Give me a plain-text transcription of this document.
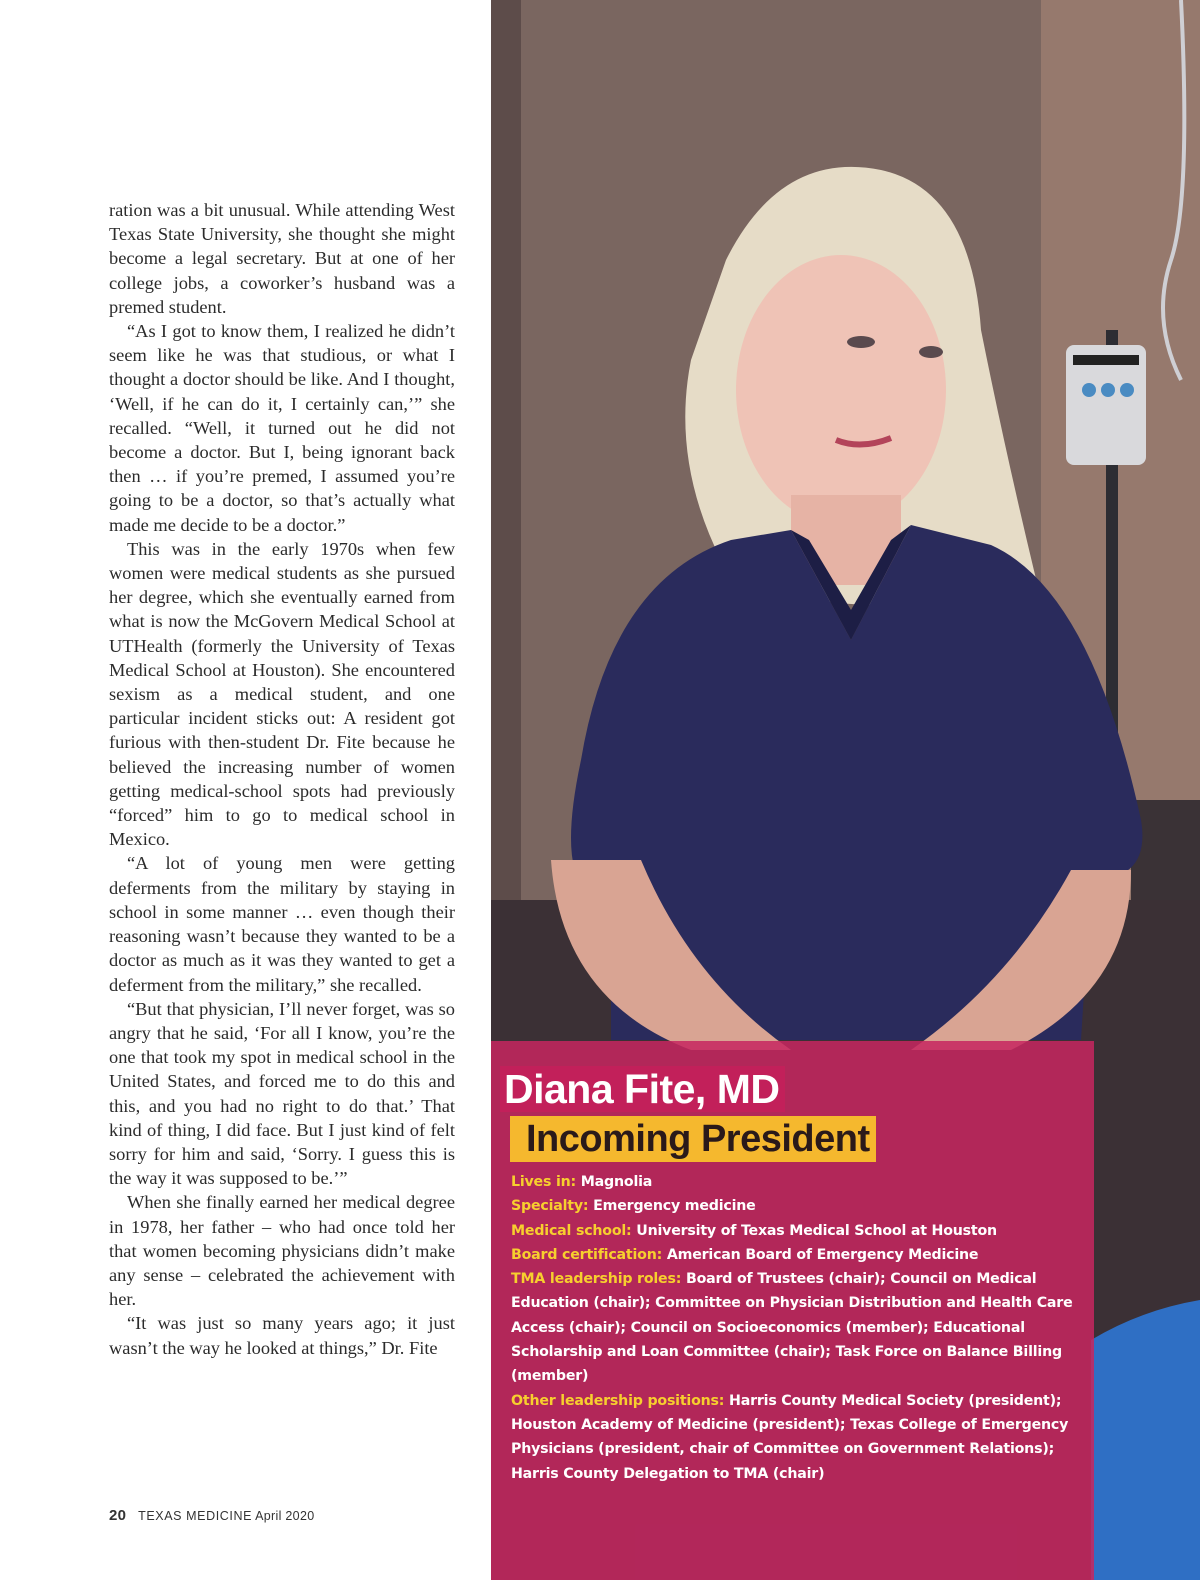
ration was a bit unusual. While attending West Texas State University, she thought she might become a legal secretary. But at one of her college jobs, a coworker’s husband was a premed student.

“As I got to know them, I realized he didn’t seem like he was that studious, or what I thought a doctor should be like. And I thought, ‘Well, if he can do it, I certainly can,’” she recalled. “Well, it turned out he did not become a doctor. But I, being ignorant back then … if you’re premed, I assumed you’re going to be a doctor, so that’s actually what made me decide to be a doctor.”

This was in the early 1970s when few women were medical students as she pursued her degree, which she eventually earned from what is now the McGovern Medical School at UTHealth (formerly the University of Texas Medical School at Houston). She encountered sexism as a medical student, and one particular incident sticks out: A resident got furious with then-student Dr. Fite because he believed the increasing number of women getting medical-school spots had previously “forced” him to go to medical school in Mexico.

“A lot of young men were getting deferments from the military by staying in school in some manner … even though their reasoning wasn’t because they wanted to be a doctor as much as it was they wanted to get a deferment from the military,” she recalled.

“But that physician, I’ll never forget, was so angry that he said, ‘For all I know, you’re the one that took my spot in medical school in the United States, and forced me to do this and this, and you had no right to do that.’ That kind of thing, I did face. But I just kind of felt sorry for him and said, ‘Sorry. I guess this is the way it was supposed to be.’”

When she finally earned her medical degree in 1978, her father – who had once told her that women becoming physicians didn’t make any sense – celebrated the achievement with her.

“It was just so many years ago; it just wasn’t the way he looked at things,” Dr. Fite

20 TEXAS MEDICINE April 2020
Diana Fite, MD
Incoming President

Lives in: Magnolia

Specialty: Emergency medicine

Medical school: University of Texas Medical School at Houston

Board certification: American Board of Emergency Medicine

TMA leadership roles: Board of Trustees (chair); Council on Medical Education (chair); Committee on Physician Distribution and Health Care Access (chair); Council on Socioeconomics (member); Educational Scholarship and Loan Committee (chair); Task Force on Balance Billing (member)

Other leadership positions: Harris County Medical Society (president); Houston Academy of Medicine (president); Texas College of Emergency Physicians (president, chair of Committee on Government Relations); Harris County Delegation to TMA (chair)
